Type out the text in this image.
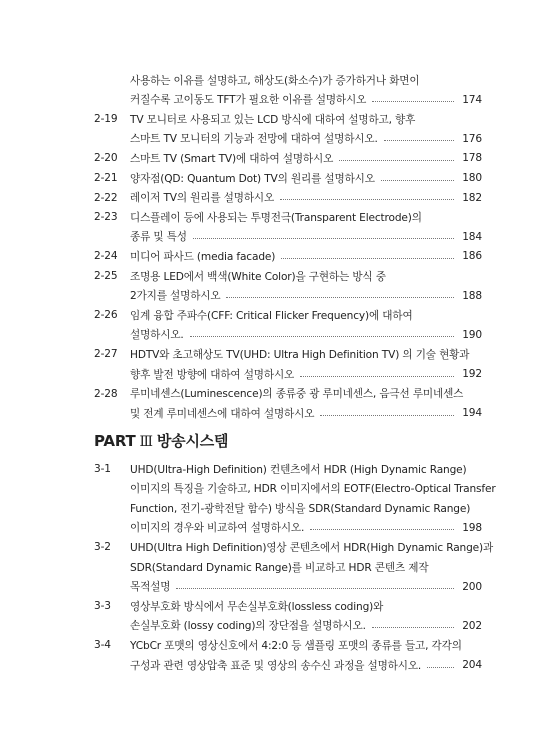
사용하는 이유를 설명하고, 해상도(화소수)가 증가하거나 화면이
커질수록 고이동도 TFT가 필요한 이유를 설명하시오	174
2-19	TV 모니터로 사용되고 있는 LCD 방식에 대하여 설명하고, 향후
스마트 TV 모니터의 기능과 전망에 대하여 설명하시오.	176
2-20	스마트 TV (Smart TV)에 대하여 설명하시오	178
2-21	양자점(QD: Quantum Dot) TV의 원리를 설명하시오	180
2-22	레이저 TV의 원리를 설명하시오	182
2-23	디스플레이 등에 사용되는 투명전극(Transparent Electrode)의
종류 및 특성	184
2-24	미디어 파사드 (media facade)	186
2-25	조명용 LED에서 백색(White Color)을 구현하는 방식 중
2가지를 설명하시오	188
2-26	임계 융합 주파수(CFF: Critical Flicker Frequency)에 대하여
설명하시오.	190
2-27	HDTV와 초고해상도 TV(UHD: Ultra High Definition TV) 의 기술 현황과
향후 발전 방향에 대하여 설명하시오	192
2-28	루미네센스(Luminescence)의 종류중 광 루미네센스, 음극선 루미네센스
및 전계 루미네센스에 대하여 설명하시오	194
PART Ⅲ 방송시스템
3-1	UHD(Ultra-High Definition) 컨텐츠에서 HDR (High Dynamic Range)
이미지의 특징을 기술하고, HDR 이미지에서의 EOTF(Electro-Optical Transfer
Function, 전기-광학전달 함수) 방식을 SDR(Standard Dynamic Range)
이미지의 경우와 비교하여 설명하시오.	198
3-2	UHD(Ultra High Definition)영상 콘텐츠에서 HDR(High Dynamic Range)과
SDR(Standard Dynamic Range)를 비교하고 HDR 콘텐츠 제작
목적설명	200
3-3	영상부호화 방식에서 무손실부호화(lossless coding)와
손실부호화 (lossy coding)의 장단점을 설명하시오.	202
3-4	YCbCr 포맷의 영상신호에서 4:2:0 등 샘플링 포맷의 종류를 들고, 각각의
구성과 관련 영상압축 표준 및 영상의 송수신 과정을 설명하시오.	204
